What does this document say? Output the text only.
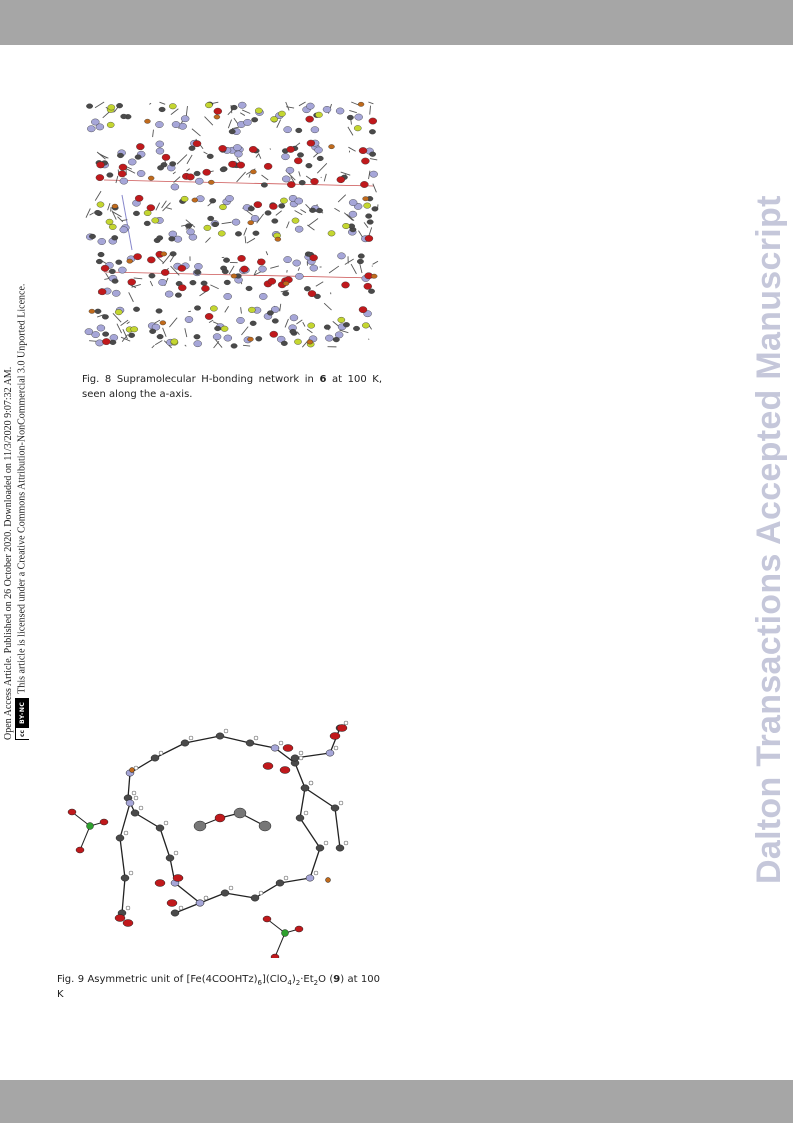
Open Access Article. Published on 26 October 2020. Downloaded on 11/3/2020 9:07:32 AM. cc
BY-NC
This article is licensed under a Creative Commons Attribution-NonCommercial 3.0 Unported Licence.	Dalton Transactions Accepted Manuscript
Fig. 8 Supramolecular H-bonding network in 6 at 100 K, seen along the a-axis.
Fig. 9 Asymmetric unit of $[Fe(4COOHTz)_6](ClO_4)_2\cdot Et_2O$ (9) at 100 K
